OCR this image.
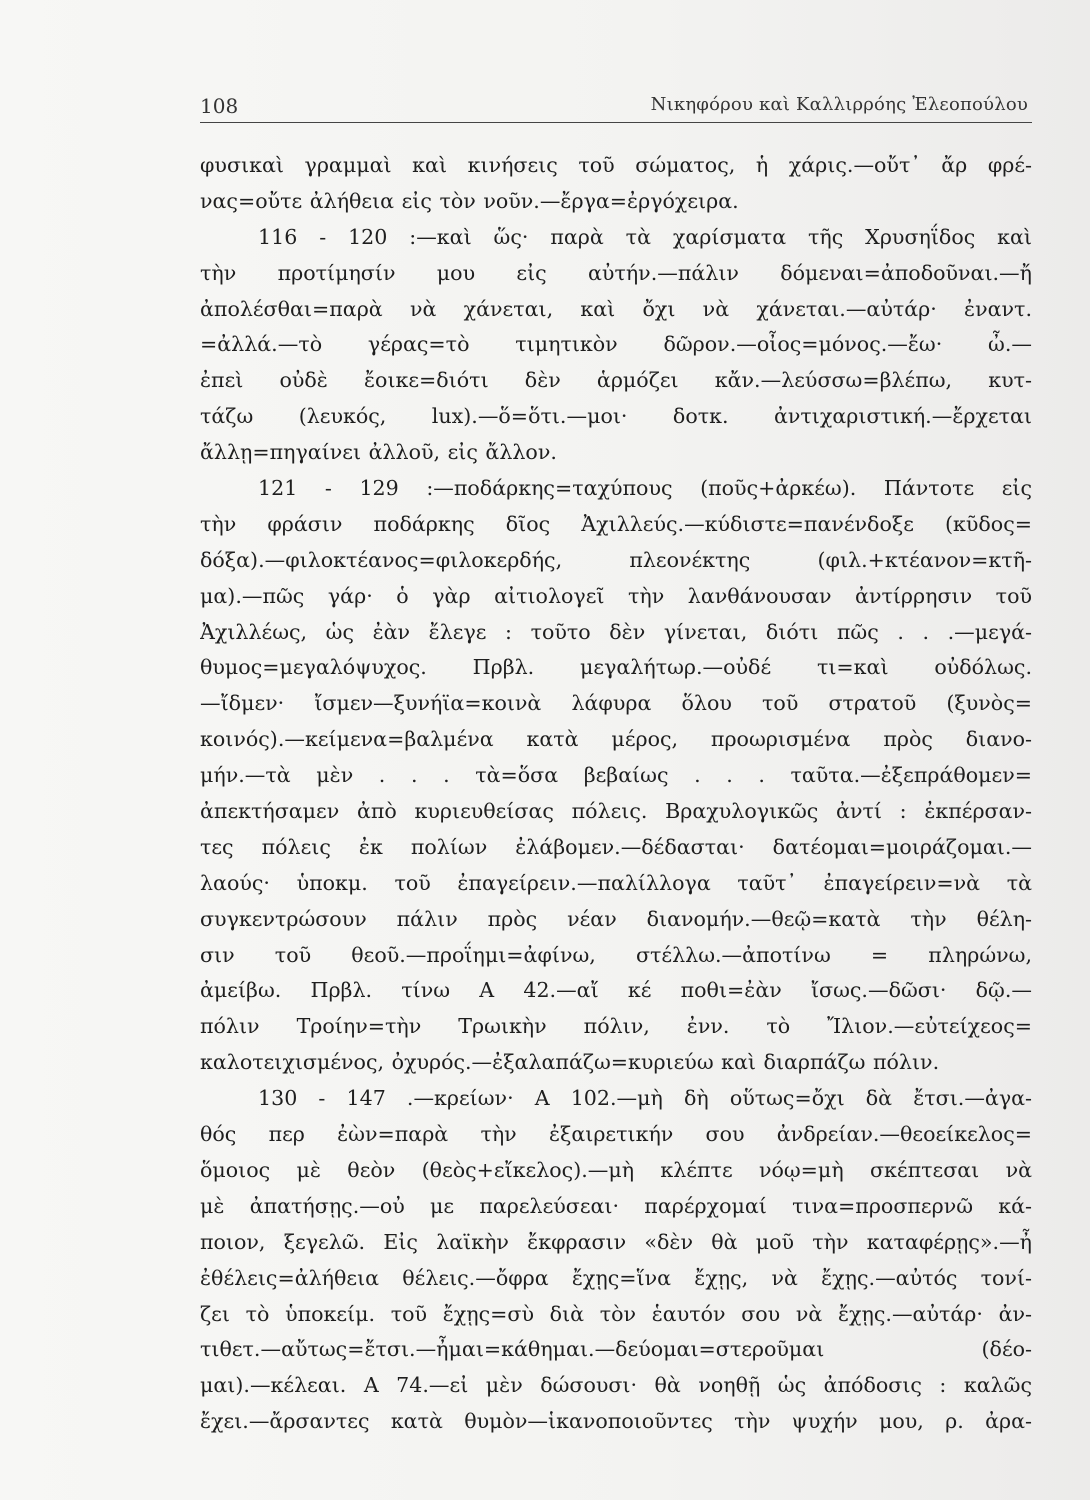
108	Νικηφόρου καὶ Καλλιρρόης Ἐλεοπούλου
φυσικαὶ γραμμαὶ καὶ κινήσεις τοῦ σώματος, ἡ χάρις.—οὔτ᾿ ἄρ φρέ-
νας=οὔτε ἀλήθεια εἰς τὸν νοῦν.—ἔργα=ἐργόχειρα.
116 - 120 :—καὶ ὥς· παρὰ τὰ χαρίσματα τῆς Χρυσηΐδος καὶ
τὴν προτίμησίν μου εἰς αὐτήν.—πάλιν δόμεναι=ἀποδοῦναι.—ἤ
ἀπολέσθαι=παρὰ νὰ χάνεται, καὶ ὄχι νὰ χάνεται.—αὐτάρ· ἐναντ.
=ἀλλά.—τὸ γέρας=τὸ τιμητικὸν δῶρον.—οἶος=μόνος.—ἔω· ὦ.—
ἐπεὶ οὐδὲ ἔοικε=διότι δὲν ἁρμόζει κἄν.—λεύσσω=βλέπω, κυτ-
τάζω (λευκός, lux).—ὅ=ὅτι.—μοι· δοτκ. ἀντιχαριστική.—ἔρχεται
ἄλλῃ=πηγαίνει ἀλλοῦ, εἰς ἄλλον.
121 - 129 :—ποδάρκης=ταχύπους (ποῦς+ἀρκέω). Πάντοτε εἰς
τὴν φράσιν ποδάρκης δῖος Ἀχιλλεύς.—κύδιστε=πανένδοξε (κῦδος=
δόξα).—φιλοκτέανος=φιλοκερδής, πλεονέκτης (φιλ.+κτέανον=κτῆ-
μα).—πῶς γάρ· ὁ γὰρ αἰτιολογεῖ τὴν λανθάνουσαν ἀντίρρησιν τοῦ
Ἀχιλλέως, ὡς ἐὰν ἔλεγε : τοῦτο δὲν γίνεται, διότι πῶς . . .—μεγά-
θυμος=μεγαλόψυχος. Πρβλ. μεγαλήτωρ.—οὐδέ τι=καὶ οὐδόλως.
—ἴδμεν· ἴσμεν—ξυνήϊα=κοινὰ λάφυρα ὅλου τοῦ στρατοῦ (ξυνὸς=
κοινός).—κείμενα=βαλμένα κατὰ μέρος, προωρισμένα πρὸς διανο-
μήν.—τὰ μὲν . . . τὰ=ὅσα βεβαίως . . . ταῦτα.—ἐξεπράθομεν=
ἀπεκτήσαμεν ἀπὸ κυριευθείσας πόλεις. Βραχυλογικῶς ἀντί : ἐκπέρσαν-
τες πόλεις ἐκ πολίων ἐλάβομεν.—δέδασται· δατέομαι=μοιράζομαι.—
λαούς· ὑποκμ. τοῦ ἐπαγείρειν.—παλίλλογα ταῦτ᾿ ἐπαγείρειν=νὰ τὰ
συγκεντρώσουν πάλιν πρὸς νέαν διανομήν.—θεῷ=κατὰ τὴν θέλη-
σιν τοῦ θεοῦ.—προΐημι=ἀφίνω, στέλλω.—ἀποτίνω = πληρώνω,
ἀμείβω. Πρβλ. τίνω Α 42.—αἴ κέ ποθι=ἐὰν ἴσως.—δῶσι· δῷ.—
πόλιν Τροίην=τὴν Τρωικὴν πόλιν, ἐνν. τὸ Ἴλιον.—εὐτείχεος=
καλοτειχισμένος, ὀχυρός.—ἐξαλαπάζω=κυριεύω καὶ διαρπάζω πόλιν.
130 - 147 .—κρείων· Α 102.—μὴ δὴ οὕτως=ὄχι δὰ ἔτσι.—ἀγα-
θός περ ἐὼν=παρὰ τὴν ἐξαιρετικήν σου ἀνδρείαν.—θεοείκελος=
ὅμοιος μὲ θεὸν (θεὸς+εἴκελος).—μὴ κλέπτε νόῳ=μὴ σκέπτεσαι νὰ
μὲ ἀπατήσῃς.—οὐ με παρελεύσεαι· παρέρχομαί τινα=προσπερνῶ κά-
ποιον, ξεγελῶ. Εἰς λαϊκὴν ἔκφρασιν «δὲν θὰ μοῦ τὴν καταφέρῃς».—ἦ
ἐθέλεις=ἀλήθεια θέλεις.—ὄφρα ἔχῃς=ἵνα ἔχῃς, νὰ ἔχῃς.—αὐτός τονί-
ζει τὸ ὑποκείμ. τοῦ ἔχῃς=σὺ διὰ τὸν ἑαυτόν σου νὰ ἔχῃς.—αὐτάρ· ἀν-
τιθετ.—αὔτως=ἔτσι.—ἦμαι=κάθημαι.—δεύομαι=στεροῦμαι (δέο-
μαι).—κέλεαι. Α 74.—εἰ μὲν δώσουσι· θὰ νοηθῇ ὡς ἀπόδοσις : καλῶς
ἔχει.—ἄρσαντες κατὰ θυμὸν—ἱκανοποιοῦντες τὴν ψυχήν μου, ρ. ἀρα-
